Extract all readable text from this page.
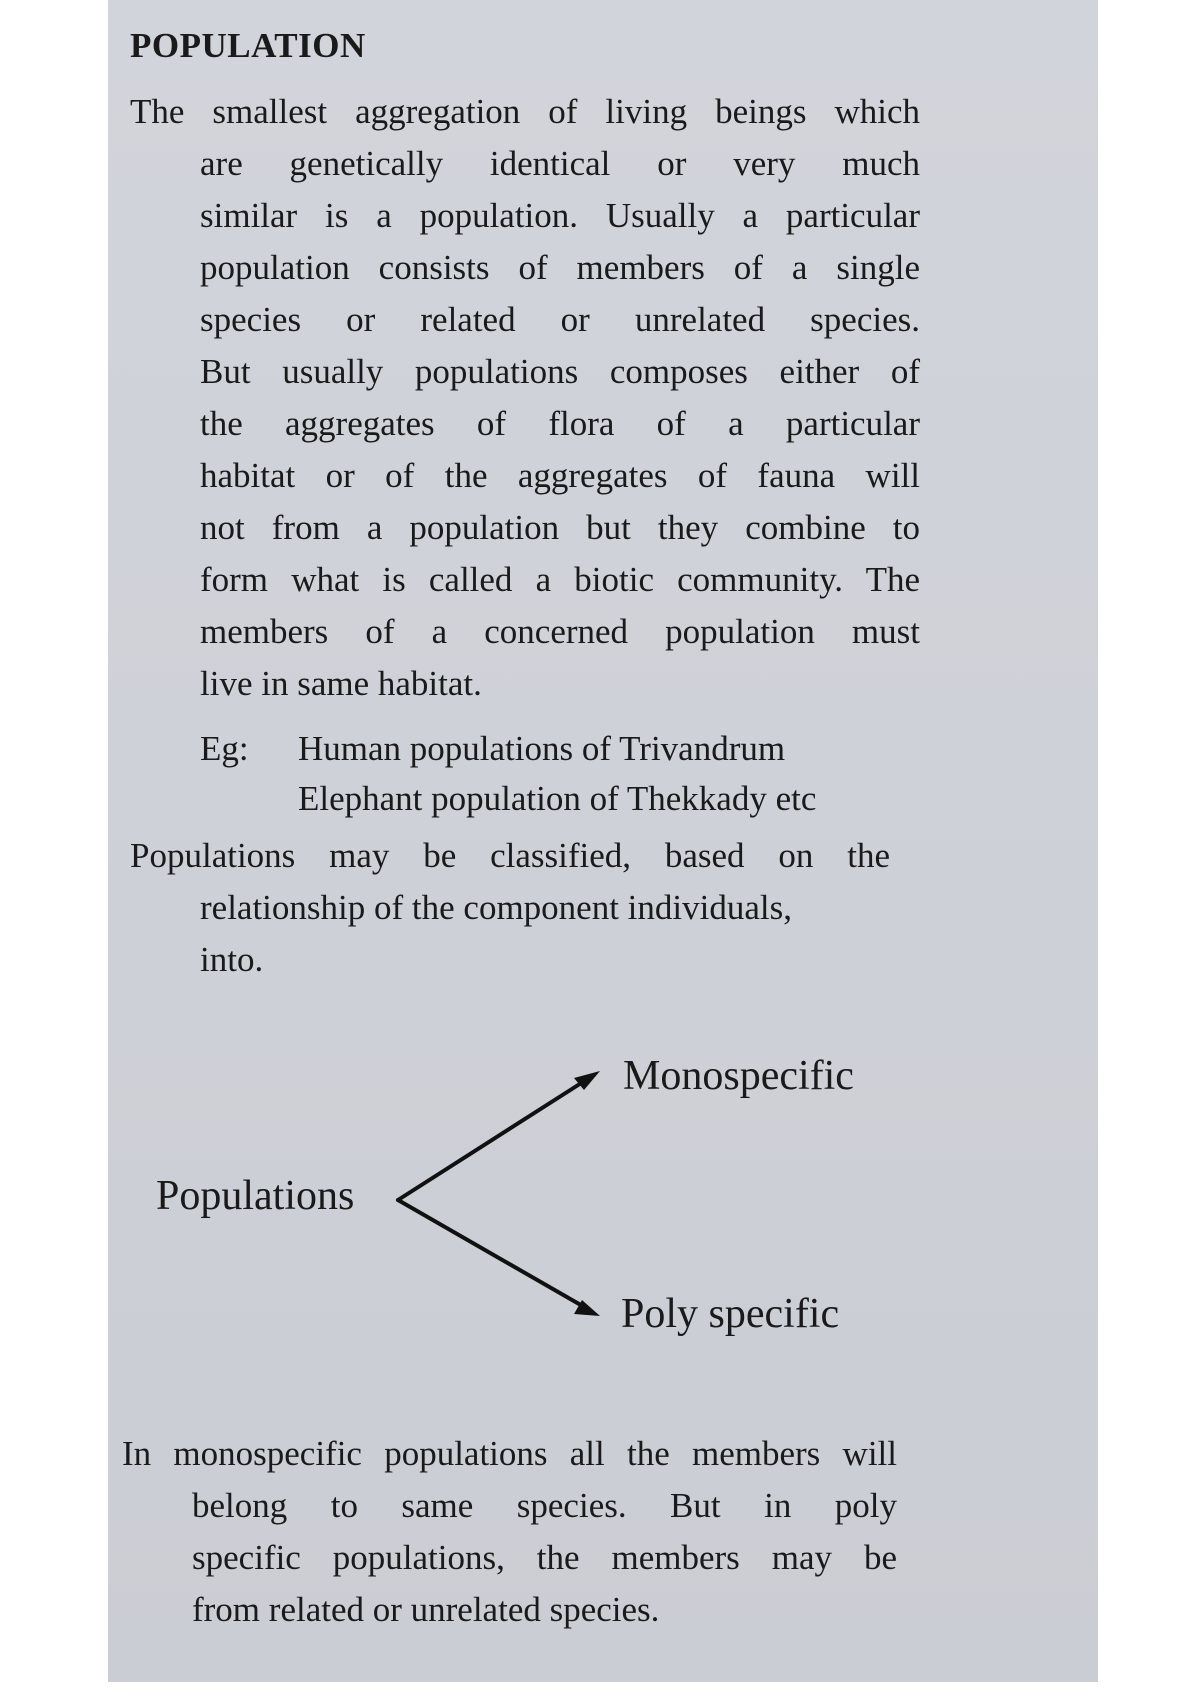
POPULATION

The smallest aggregation of living beings which
are genetically identical or very much
similar is a population. Usually a particular
population consists of members of a single
species or related or unrelated species.
But usually populations composes either of
the aggregates of flora of a particular
habitat or of the aggregates of fauna will
not from a population but they combine to
form what is called a biotic community. The
members of a concerned population must
live in same habitat.

Eg: Human populations of Trivandrum
Elephant population of Thekkady etc

Populations may be classified, based on the
relationship of the component individuals,
into.

Monospecific
Populations
Poly specific

In monospecific populations all the members will
belong to same species. But in poly
specific populations, the members may be
from related or unrelated species.
